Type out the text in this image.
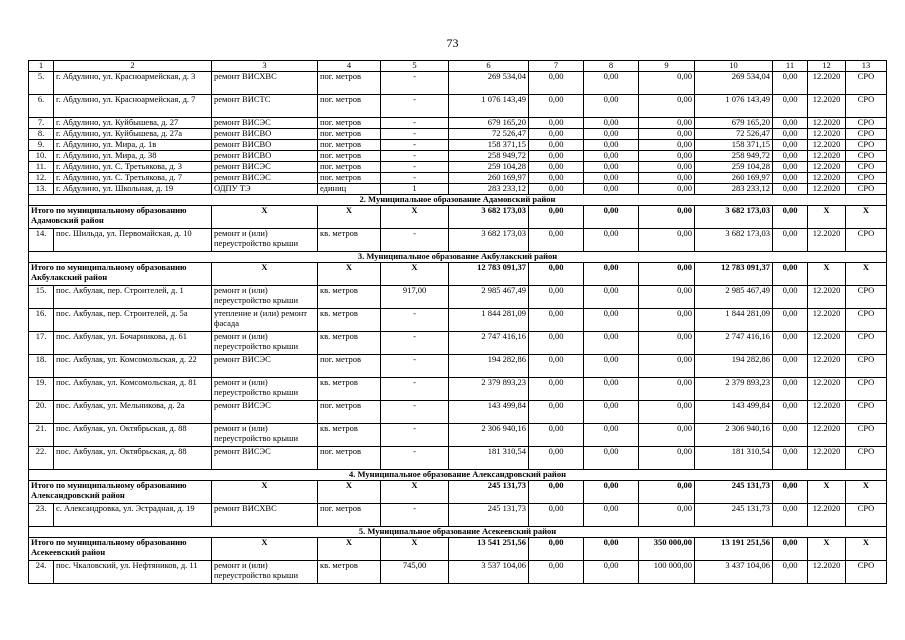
73
1	2	3	4	5	6	7	8	9	10	11	12	13
5.	г. Абдулино, ул. Красноармейская, д. 3	ремонт ВИСХВС	пог. метров	-	269 534,04	0,00	0,00	0,00	269 534,04	0,00	12.2020	СРО
6.	г. Абдулино, ул. Красноармейская, д. 7	ремонт ВИСТС	пог. метров	-	1 076 143,49	0,00	0,00	0,00	1 076 143,49	0,00	12.2020	СРО
7.	г. Абдулино, ул. Куйбышева, д. 27	ремонт ВИСЭС	пог. метров	-	679 165,20	0,00	0,00	0,00	679 165,20	0,00	12.2020	СРО
8.	г. Абдулино, ул. Куйбышева, д. 27а	ремонт ВИСВО	пог. метров	-	72 526,47	0,00	0,00	0,00	72 526,47	0,00	12.2020	СРО
9.	г. Абдулино, ул. Мира, д. 1в	ремонт ВИСВО	пог. метров	-	158 371,15	0,00	0,00	0,00	158 371,15	0,00	12.2020	СРО
10.	г. Абдулино, ул. Мира, д. 38	ремонт ВИСВО	пог. метров	-	258 949,72	0,00	0,00	0,00	258 949,72	0,00	12.2020	СРО
11.	г. Абдулино, ул. С. Третьякова, д. 3	ремонт ВИСЭС	пог. метров	-	259 104,28	0,00	0,00	0,00	259 104,28	0,00	12.2020	СРО
12.	г. Абдулино, ул. С. Третьякова, д. 7	ремонт ВИСЭС	пог. метров	-	260 169,97	0,00	0,00	0,00	260 169,97	0,00	12.2020	СРО
13.	г. Абдулино, ул. Школьная, д. 19	ОДПУ ТЭ	единиц	1	283 233,12	0,00	0,00	0,00	283 233,12	0,00	12.2020	СРО
2. Муниципальное образование Адамовский район												
Итого по муниципальному образованию Адамовский район		Х	Х	Х	3 682 173,03	0,00	0,00	0,00	3 682 173,03	0,00	Х	Х
14.	пос. Шильда, ул. Первомайская, д. 10	ремонт и (или) переустройство крыши	кв. метров	-	3 682 173,03	0,00	0,00	0,00	3 682 173,03	0,00	12.2020	СРО
3. Муниципальное образование Акбулакский район												
Итого по муниципальному образованию Акбулакский район		Х	Х	Х	12 783 091,37	0,00	0,00	0,00	12 783 091,37	0,00	Х	Х
15.	пос. Акбулак, пер. Строителей, д. 1	ремонт и (или) переустройство крыши	кв. метров	917,00	2 985 467,49	0,00	0,00	0,00	2 985 467,49	0,00	12.2020	СРО
16.	пос. Акбулак, пер. Строителей, д. 5а	утепление и (или) ремонт фасада	кв. метров	-	1 844 281,09	0,00	0,00	0,00	1 844 281,09	0,00	12.2020	СРО
17.	пос. Акбулак, ул. Бочарникова, д. 61	ремонт и (или) переустройство крыши	кв. метров	-	2 747 416,16	0,00	0,00	0,00	2 747 416,16	0,00	12.2020	СРО
18.	пос. Акбулак, ул. Комсомольская, д. 22	ремонт ВИСЭС	пог. метров	-	194 282,86	0,00	0,00	0,00	194 282,86	0,00	12.2020	СРО
19.	пос. Акбулак, ул. Комсомольская, д. 81	ремонт и (или) переустройство крыши	кв. метров	-	2 379 893,23	0,00	0,00	0,00	2 379 893,23	0,00	12.2020	СРО
20.	пос. Акбулак, ул. Мельникова, д. 2а	ремонт ВИСЭС	пог. метров	-	143 499,84	0,00	0,00	0,00	143 499,84	0,00	12.2020	СРО
21.	пос. Акбулак, ул. Октябрьская, д. 88	ремонт и (или) переустройство крыши	кв. метров	-	2 306 940,16	0,00	0,00	0,00	2 306 940,16	0,00	12.2020	СРО
22.	пос. Акбулак, ул. Октябрьская, д. 88	ремонт ВИСЭС	пог. метров	-	181 310,54	0,00	0,00	0,00	181 310,54	0,00	12.2020	СРО
4. Муниципальное образование Александровский район												
Итого по муниципальному образованию Александровский район		Х	Х	Х	245 131,73	0,00	0,00	0,00	245 131,73	0,00	Х	Х
23.	с. Александровка, ул. Эстрадная, д. 19	ремонт ВИСХВС	пог. метров	-	245 131,73	0,00	0,00	0,00	245 131,73	0,00	12.2020	СРО
5. Муниципальное образование Асекеевский район												
Итого по муниципальному образованию Асекеевский район		Х	Х	Х	13 541 251,56	0,00	0,00	350 000,00	13 191 251,56	0,00	Х	Х
24.	пос. Чкаловский, ул. Нефтяников, д. 11	ремонт и (или) переустройство крыши	кв. метров	745,00	3 537 104,06	0,00	0,00	100 000,00	3 437 104,06	0,00	12.2020	СРО
